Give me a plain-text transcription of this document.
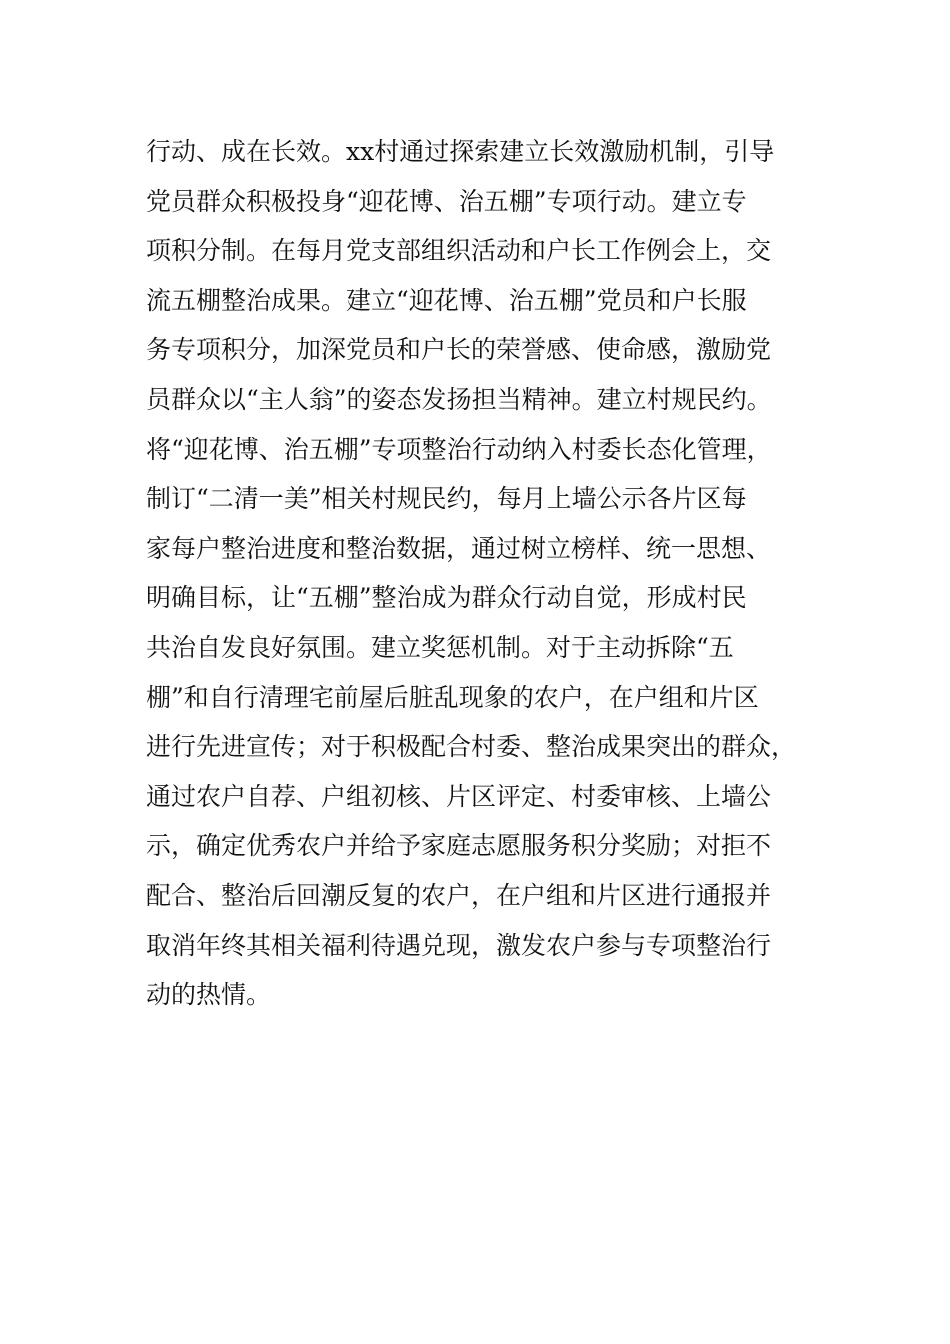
行动、成在长效。xx村通过探索建立长效激励机制，引导
党员群众积极投身“迎花博、治五棚”专项行动。建立专
项积分制。在每月党支部组织活动和户长工作例会上，交
流五棚整治成果。建立“迎花博、治五棚”党员和户长服
务专项积分，加深党员和户长的荣誉感、使命感，激励党
员群众以“主人翁”的姿态发扬担当精神。建立村规民约。
将“迎花博、治五棚”专项整治行动纳入村委长态化管理，
制订“二清一美”相关村规民约，每月上墙公示各片区每
家每户整治进度和整治数据，通过树立榜样、统一思想、
明确目标，让“五棚”整治成为群众行动自觉，形成村民
共治自发良好氛围。建立奖惩机制。对于主动拆除“五
棚”和自行清理宅前屋后脏乱现象的农户，在户组和片区
进行先进宣传；对于积极配合村委、整治成果突出的群众，
通过农户自荐、户组初核、片区评定、村委审核、上墙公
示，确定优秀农户并给予家庭志愿服务积分奖励；对拒不
配合、整治后回潮反复的农户，在户组和片区进行通报并
取消年终其相关福利待遇兑现，激发农户参与专项整治行
动的热情。
